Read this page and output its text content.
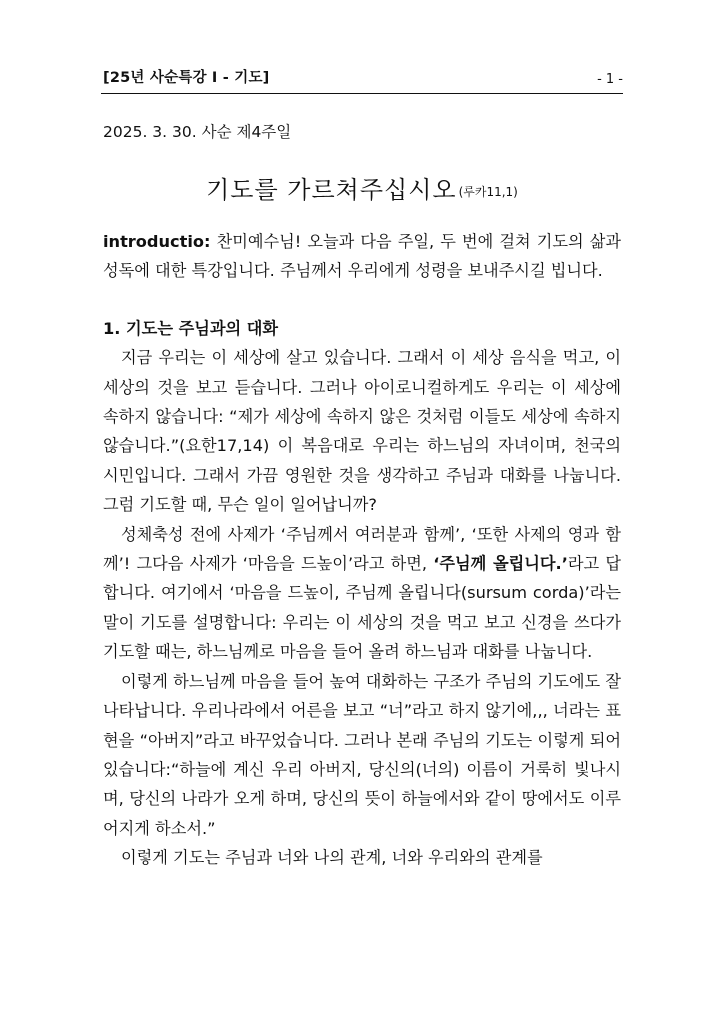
[25년 사순특강 Ⅰ - 기도]	- 1 -
2025. 3. 30. 사순 제4주일
기도를 가르쳐주십시오 (루카11,1)

introductio: 찬미예수님! 오늘과 다음 주일, 두 번에 걸쳐 기도의 삶과 성독에 대한 특강입니다. 주님께서 우리에게 성령을 보내주시길 빕니다.

1. 기도는 주님과의 대화

지금 우리는 이 세상에 살고 있습니다. 그래서 이 세상 음식을 먹고, 이 세상의 것을 보고 듣습니다. 그러나 아이로니컬하게도 우리는 이 세상에 속하지 않습니다: “제가 세상에 속하지 않은 것처럼 이들도 세상에 속하지 않습니다.”(요한17,14) 이 복음대로 우리는 하느님의 자녀이며, 천국의 시민입니다. 그래서 가끔 영원한 것을 생각하고 주님과 대화를 나눕니다. 그럼 기도할 때, 무슨 일이 일어납니까?

성체축성 전에 사제가 ‘주님께서 여러분과 함께’, ‘또한 사제의 영과 함께’! 그다음 사제가 ‘마음을 드높이’라고 하면, ‘주님께 올립니다.’라고 답합니다. 여기에서 ‘마음을 드높이, 주님께 올립니다(sursum corda)’라는 말이 기도를 설명합니다: 우리는 이 세상의 것을 먹고 보고 신경을 쓰다가 기도할 때는, 하느님께로 마음을 들어 올려 하느님과 대화를 나눕니다.

이렇게 하느님께 마음을 들어 높여 대화하는 구조가 주님의 기도에도 잘 나타납니다. 우리나라에서 어른을 보고 “너”라고 하지 않기에,,, 너라는 표현을 “아버지”라고 바꾸었습니다. 그러나 본래 주님의 기도는 이렇게 되어있습니다:“하늘에 계신 우리 아버지, 당신의(너의) 이름이 거룩히 빛나시며, 당신의 나라가 오게 하며, 당신의 뜻이 하늘에서와 같이 땅에서도 이루어지게 하소서.”

이렇게 기도는 주님과 너와 나의 관계, 너와 우리와의 관계를
